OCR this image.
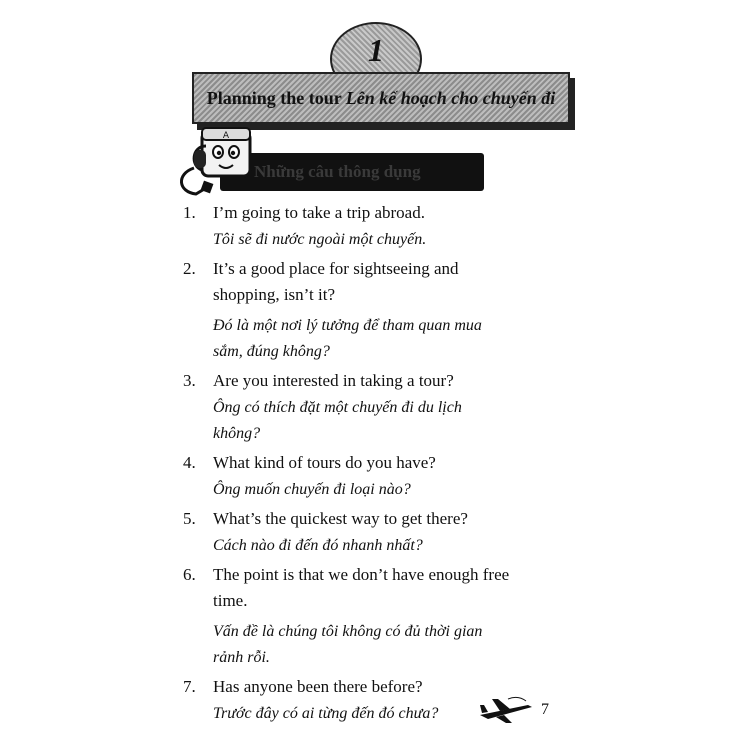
1
Planning the tour Lên kế hoạch cho chuyến đi
Những câu thông dụng
A
1. I’m going to take a trip abroad.
Tôi sẽ đi nước ngoài một chuyến.
2. It’s a good place for sightseeing and
shopping, isn’t it?
Đó là một nơi lý tưởng để tham quan mua
sắm, đúng không?
3. Are you interested in taking a tour?
Ông có thích đặt một chuyến đi du lịch
không?
4. What kind of tours do you have?
Ông muốn chuyến đi loại nào?
5. What’s the quickest way to get there?
Cách nào đi đến đó nhanh nhất?
6. The point is that we don’t have enough free
time.
Vấn đề là chúng tôi không có đủ thời gian
rảnh rỗi.
7. Has anyone been there before?
Trước đây có ai từng đến đó chưa?	7
